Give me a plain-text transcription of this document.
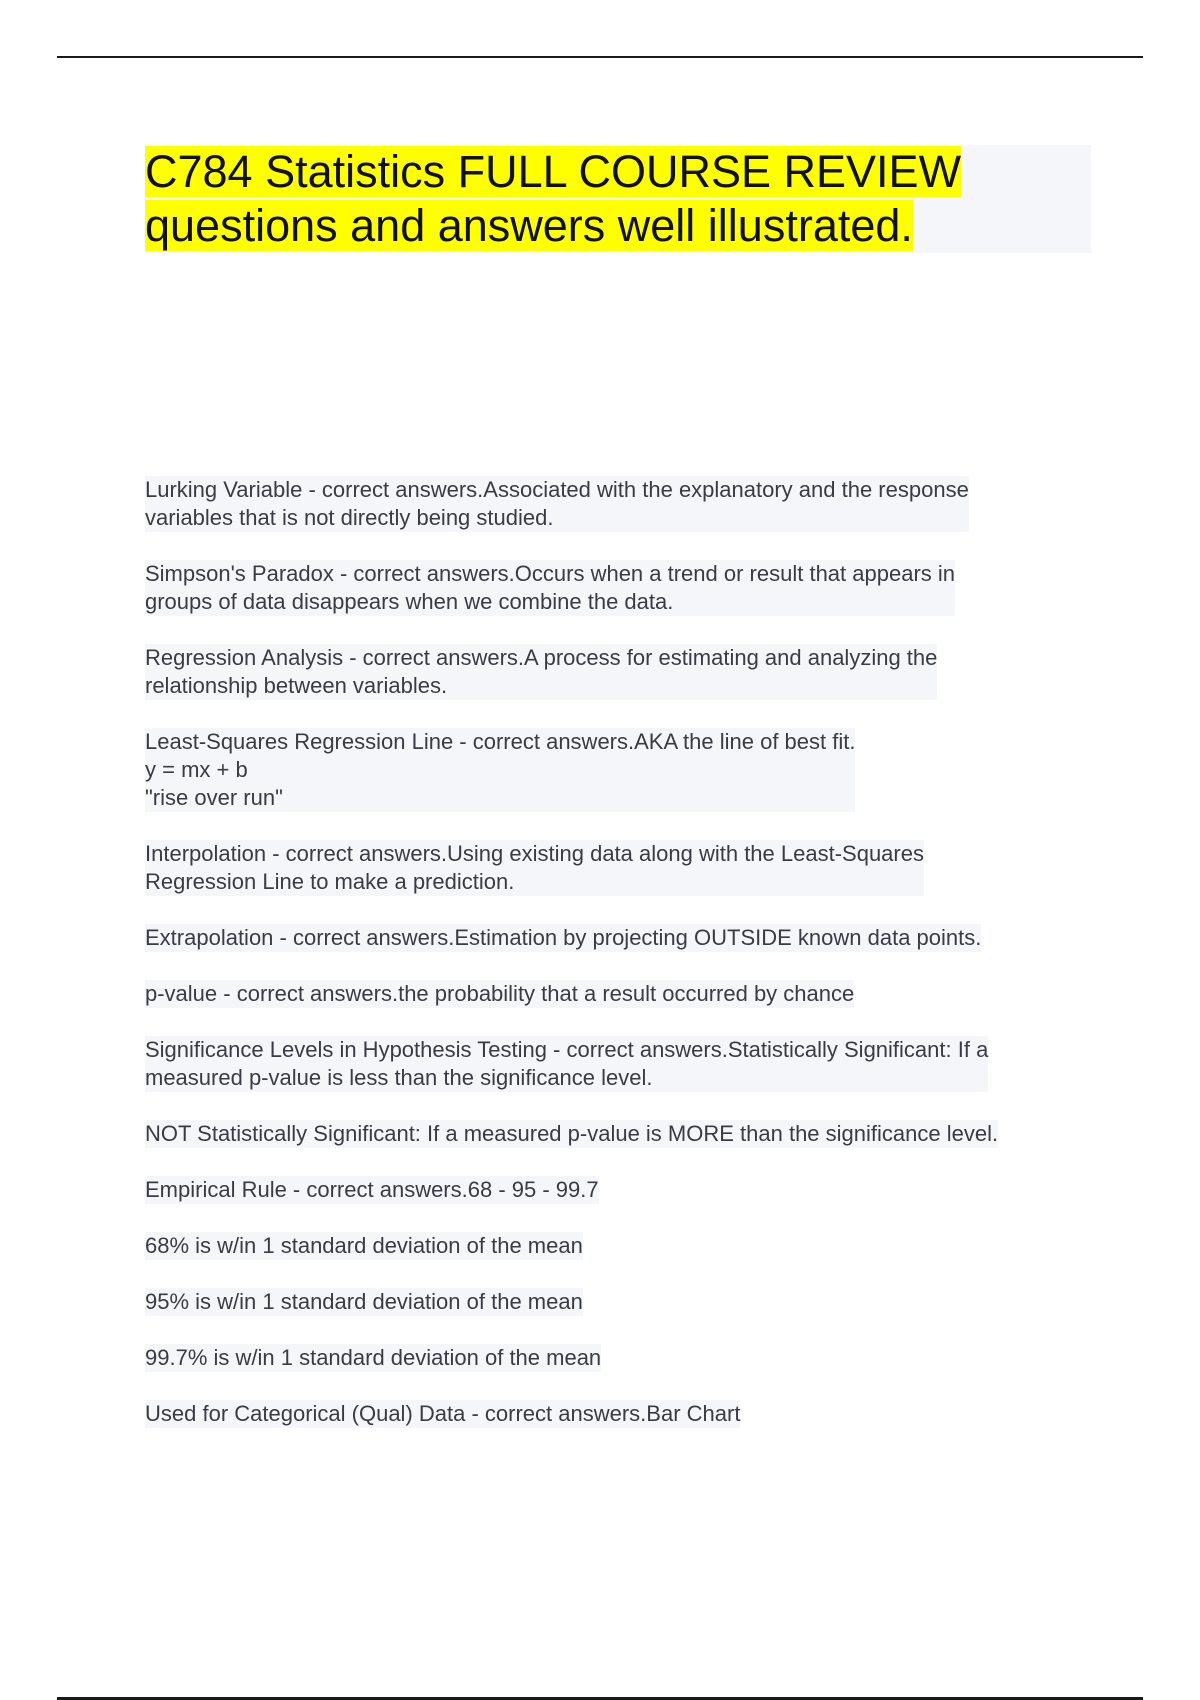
C784 Statistics FULL COURSE REVIEW questions and answers well illustrated.

Lurking Variable - correct answers.Associated with the explanatory and the response
variables that is not directly being studied.

Simpson's Paradox - correct answers.Occurs when a trend or result that appears in
groups of data disappears when we combine the data.

Regression Analysis - correct answers.A process for estimating and analyzing the
relationship between variables.

Least-Squares Regression Line - correct answers.AKA the line of best fit.
y = mx + b
"rise over run"

Interpolation - correct answers.Using existing data along with the Least-Squares
Regression Line to make a prediction.

Extrapolation - correct answers.Estimation by projecting OUTSIDE known data points.

p-value - correct answers.the probability that a result occurred by chance

Significance Levels in Hypothesis Testing - correct answers.Statistically Significant: If a
measured p-value is less than the significance level.

NOT Statistically Significant: If a measured p-value is MORE than the significance level.

Empirical Rule - correct answers.68 - 95 - 99.7

68% is w/in 1 standard deviation of the mean

95% is w/in 1 standard deviation of the mean

99.7% is w/in 1 standard deviation of the mean

Used for Categorical (Qual) Data - correct answers.Bar Chart
